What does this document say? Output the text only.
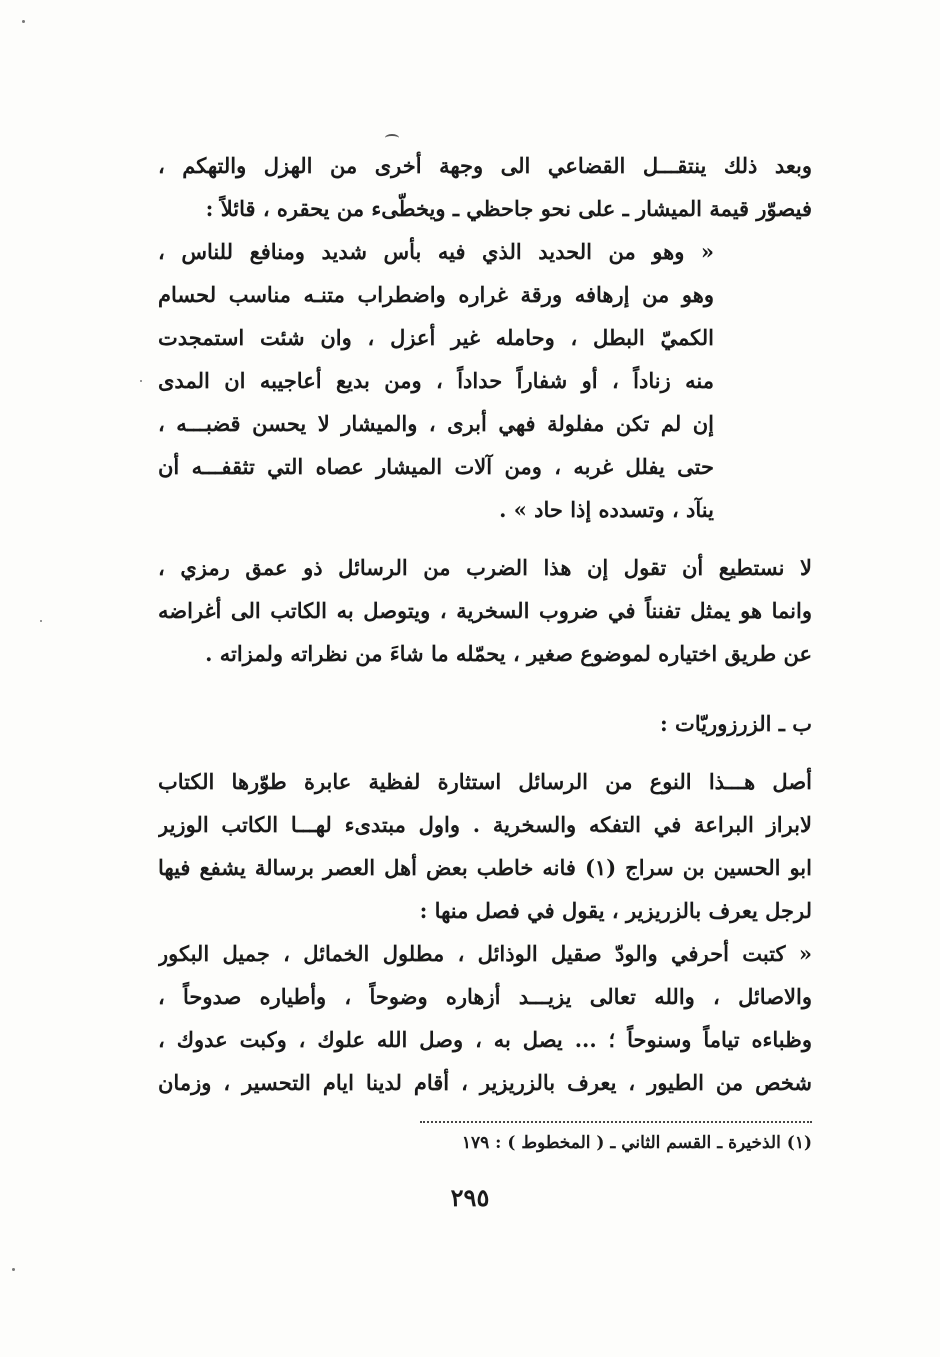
وبعد ذلك ينتقـــل القضاعي الى وجهة أخرى من الهزل والتهكم ،
فيصوّر قيمة الميشار ـ على نحو جاحظي ـ ويخطّىء من يحقره ، قائلاً :
« وهو من الحديد الذي فيه بأس شديد ومنافع للناس ،
وهو من إرهافه ورقة غراره واضطراب متنـه مناسب لحسام
الكميّ البطل ، وحامله غير أعزل ، وان شئت استمجدت
منه زناداً ، أو شفاراً حداداً ، ومن بديع أعاجيبه ان المدى
إن لم تكن مفلولة فهي أبرى ، والميشار لا يحسن قضبـــه ،
حتى يفلل غربه ، ومن آلات الميشار عصاه التي تثقفـــه أن
ينآد ، وتسدده إذا حاد » .
لا نستطيع أن تقول إن هذا الضرب من الرسائل ذو عمق رمزي ،
وانما هو يمثل تفنناً في ضروب السخرية ، ويتوصل به الكاتب الى أغراضه
عن طريق اختياره لموضوع صغير ، يحمّله ما شاءَ من نظراته ولمزاته .
ب ـ الزرزوريّات :
أصل هـــذا النوع من الرسائل استثارة لفظية عابرة طوّرها الكتاب
لابراز البراعة في التفكه والسخرية . واول مبتدىء لهـــا الكاتب الوزير
ابو الحسين بن سراج (١) فانه خاطب بعض أهل العصر برسالة يشفع فيها
لرجل يعرف بالزريزير ، يقول في فصل منها :
« كتبت أحرفي والودّ صقيل الوذائل ، مطلول الخمائل ، جميل البكور
والاصائل ، والله تعالى يزيـــد أزهاره وضوحاً ، وأطياره صدوحاً ،
وظباءه تياماً وسنوحاً ؛ ... يصل به ، وصل الله علوك ، وكبت عدوك ،
شخص من الطيور ، يعرف بالزريزير ، أقام لدينا ايام التحسير ، وزمان
(١) الذخيرة ـ القسم الثاني ـ ( المخطوط ) : ١٧٩
٢٩٥
